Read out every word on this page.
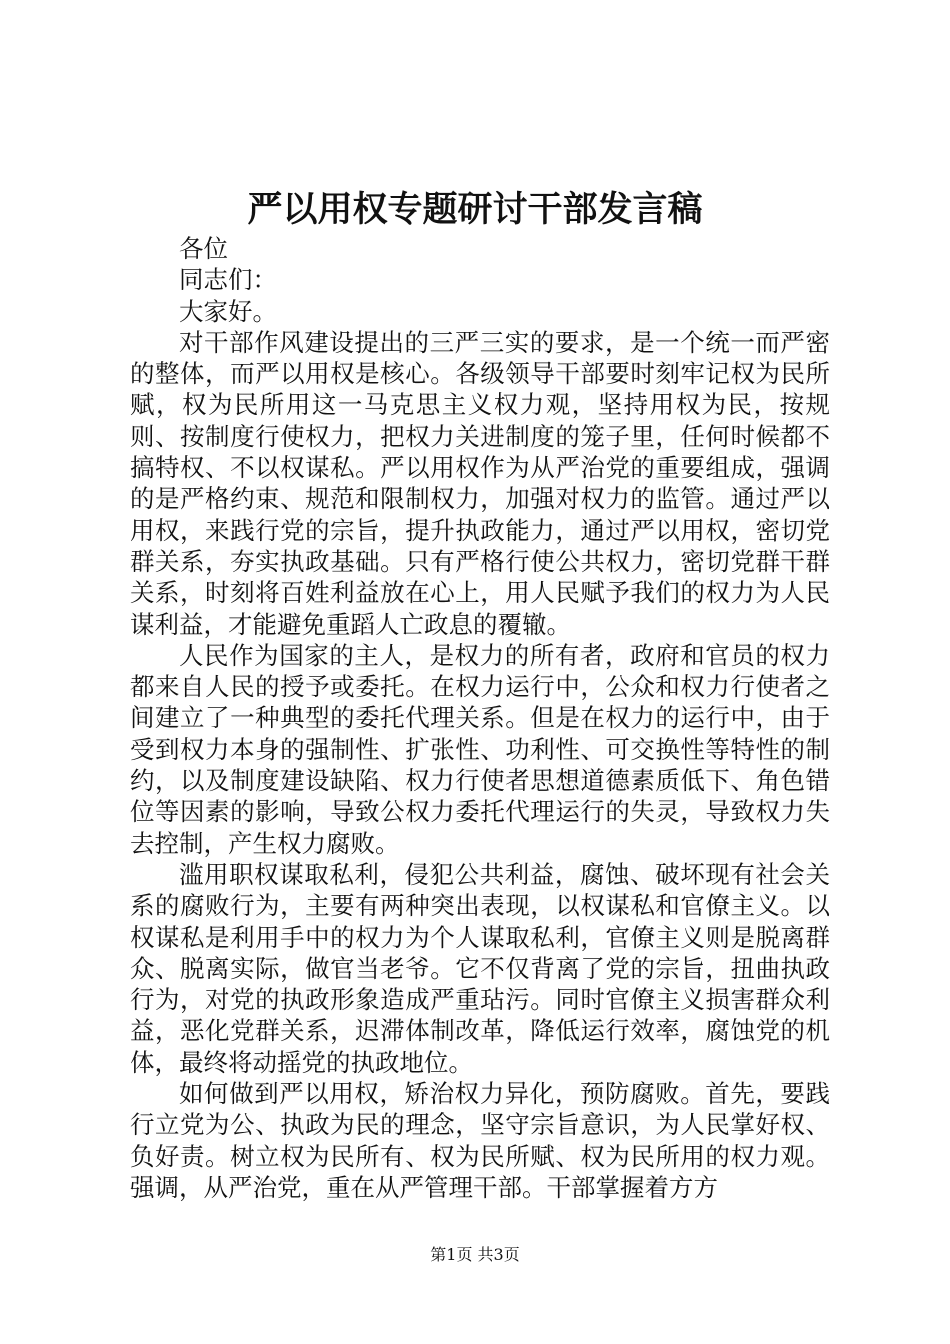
严以用权专题研讨干部发言稿

各位

同志们：

大家好。

对干部作风建设提出的三严三实的要求，是一个统一而严密的整体，而严以用权是核心。各级领导干部要时刻牢记权为民所赋，权为民所用这一马克思主义权力观，坚持用权为民，按规则、按制度行使权力，把权力关进制度的笼子里，任何时候都不搞特权、不以权谋私。严以用权作为从严治党的重要组成，强调的是严格约束、规范和限制权力，加强对权力的监管。通过严以用权，来践行党的宗旨，提升执政能力，通过严以用权，密切党群关系，夯实执政基础。只有严格行使公共权力，密切党群干群关系，时刻将百姓利益放在心上，用人民赋予我们的权力为人民谋利益，才能避免重蹈人亡政息的覆辙。

人民作为国家的主人，是权力的所有者，政府和官员的权力都来自人民的授予或委托。在权力运行中，公众和权力行使者之间建立了一种典型的委托代理关系。但是在权力的运行中，由于受到权力本身的强制性、扩张性、功利性、可交换性等特性的制约，以及制度建设缺陷、权力行使者思想道德素质低下、角色错位等因素的影响，导致公权力委托代理运行的失灵，导致权力失去控制，产生权力腐败。

滥用职权谋取私利，侵犯公共利益，腐蚀、破坏现有社会关系的腐败行为，主要有两种突出表现，以权谋私和官僚主义。以权谋私是利用手中的权力为个人谋取私利，官僚主义则是脱离群众、脱离实际，做官当老爷。它不仅背离了党的宗旨，扭曲执政行为，对党的执政形象造成严重玷污。同时官僚主义损害群众利益，恶化党群关系，迟滞体制改革，降低运行效率，腐蚀党的机体，最终将动摇党的执政地位。

如何做到严以用权，矫治权力异化，预防腐败。首先，要践行立党为公、执政为民的理念，坚守宗旨意识，为人民掌好权、负好责。树立权为民所有、权为民所赋、权为民所用的权力观。强调，从严治党，重在从严管理干部。干部掌握着方方

第1页 共3页
